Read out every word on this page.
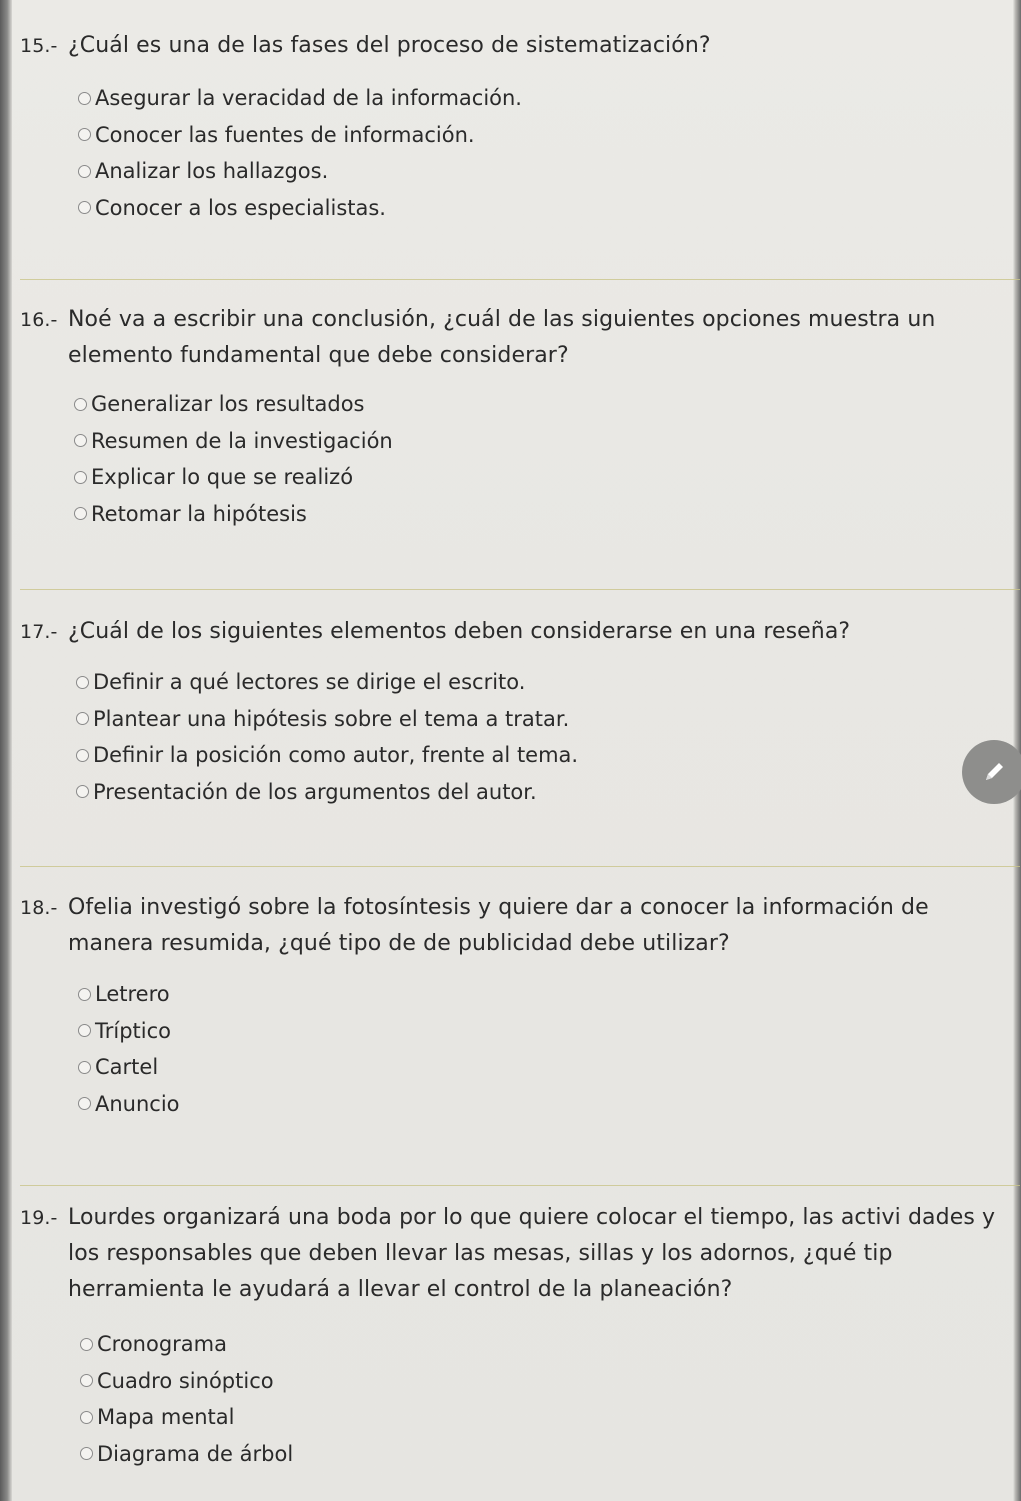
15.- ¿Cuál es una de las fases del proceso de sistematización?

Asegurar la veracidad de la información.
Conocer las fuentes de información.
Analizar los hallazgos.
Conocer a los especialistas.

16.- Noé va a escribir una conclusión, ¿cuál de las siguientes opciones muestra un elemento fundamental que debe considerar?

Generalizar los resultados
Resumen de la investigación
Explicar lo que se realizó
Retomar la hipótesis

17.- ¿Cuál de los siguientes elementos deben considerarse en una reseña?

Definir a qué lectores se dirige el escrito.
Plantear una hipótesis sobre el tema a tratar.
Definir la posición como autor, frente al tema.
Presentación de los argumentos del autor.

18.- Ofelia investigó sobre la fotosíntesis y quiere dar a conocer la información de manera resumida, ¿qué tipo de de publicidad debe utilizar?

Letrero
Tríptico
Cartel
Anuncio

19.- Lourdes organizará una boda por lo que quiere colocar el tiempo, las activi dades y los responsables que deben llevar las mesas, sillas y los adornos, ¿qué tip herramienta le ayudará a llevar el control de la planeación?

Cronograma
Cuadro sinóptico
Mapa mental
Diagrama de árbol
